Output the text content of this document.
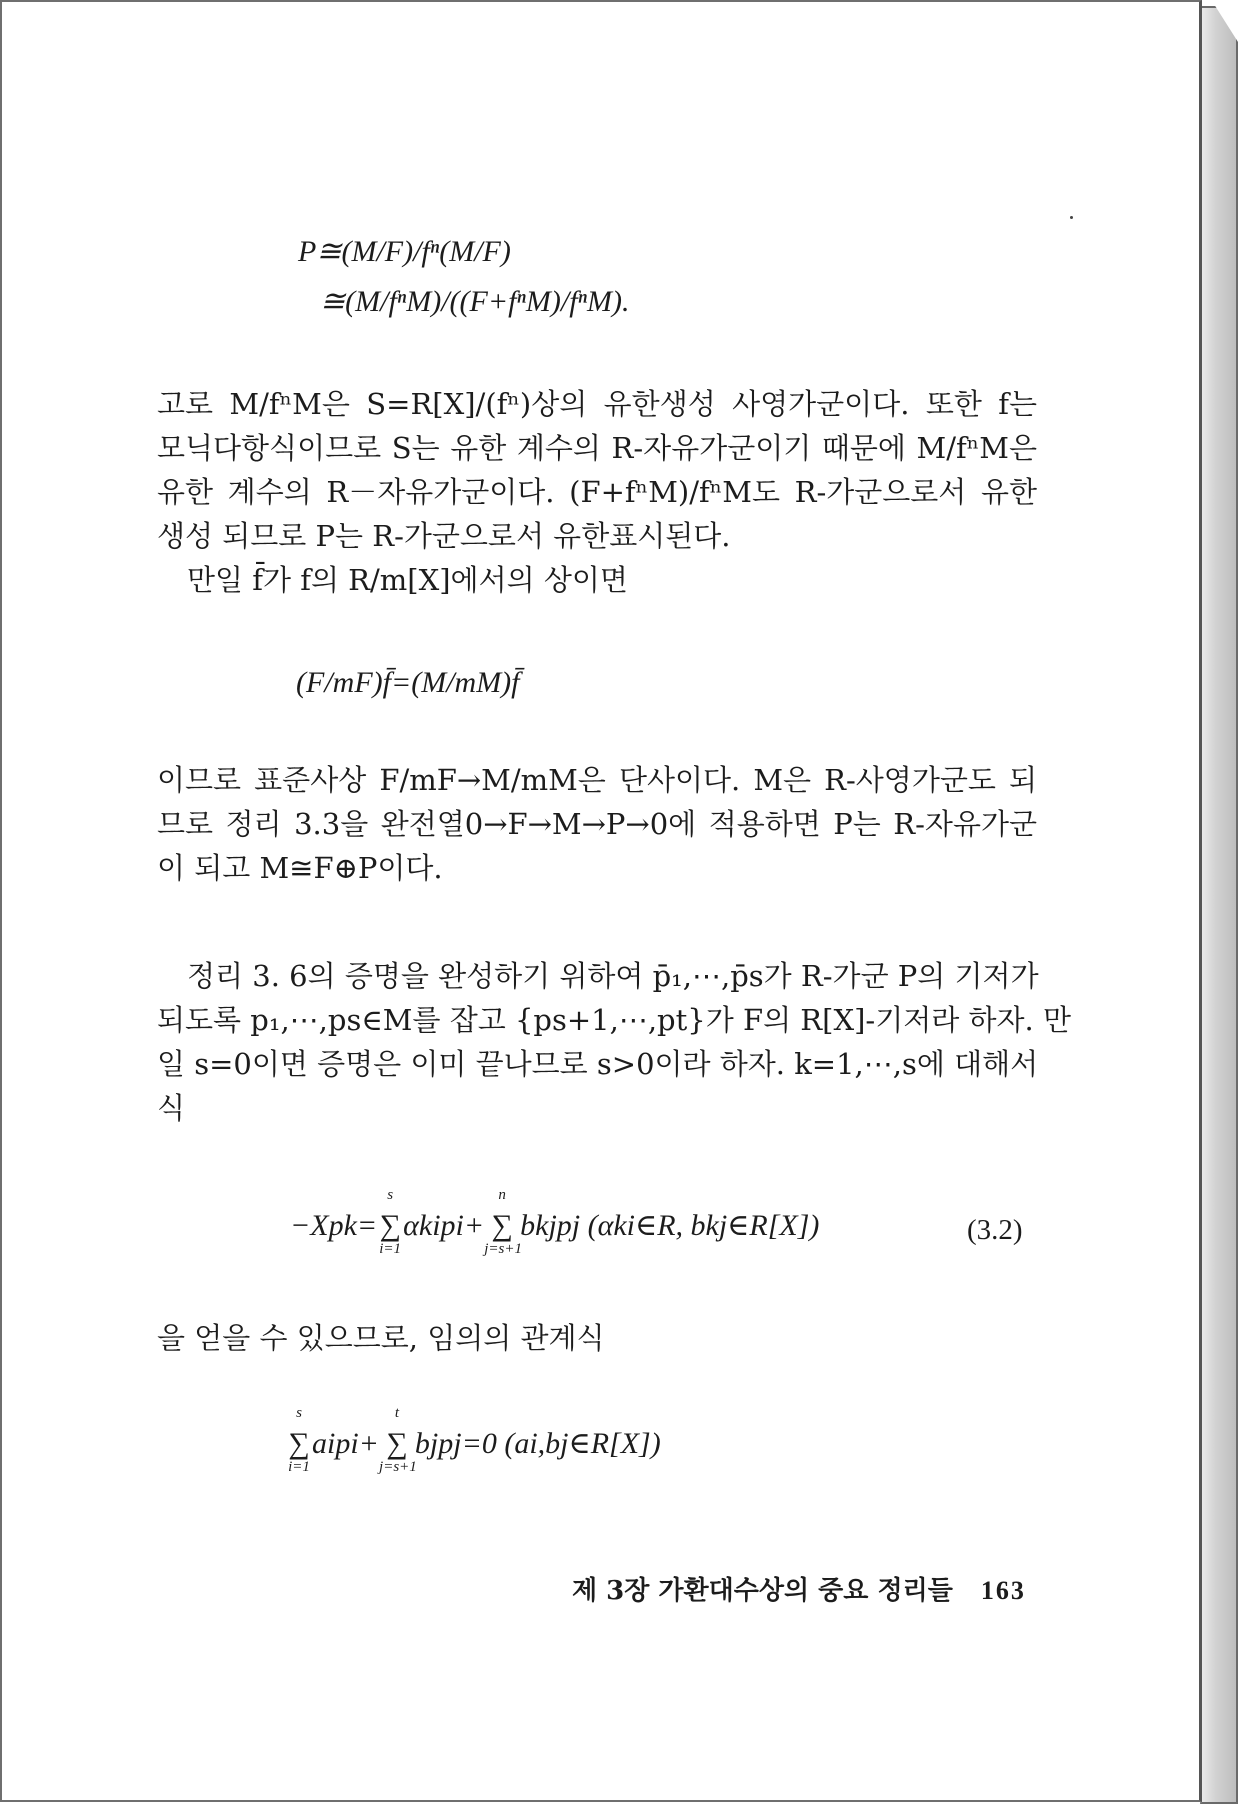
P≅(M/F)/fⁿ(M/F)
≅(M/fⁿM)/((F+fⁿM)/fⁿM).
고로 M/fⁿM은 S=R[X]/(fⁿ)상의 유한생성 사영가군이다. 또한 f는
모닉다항식이므로 S는 유한 계수의 R-자유가군이기 때문에 M/fⁿM은
유한 계수의 R－자유가군이다. (F+fⁿM)/fⁿM도 R-가군으로서 유한
생성 되므로 P는 R-가군으로서 유한표시된다.
만일 f̄가 f의 R/m[X]에서의 상이면
(F/mF)f̄=(M/mM)f̄
이므로 표준사상 F/mF→M/mM은 단사이다. M은 R-사영가군도 되
므로 정리 3.3을 완전열0→F→M→P→0에 적용하면 P는 R-자유가군
이 되고 M≅F⊕P이다.
정리 3. 6의 증명을 완성하기 위하여 p̄₁,⋯,p̄s가 R-가군 P의 기저가
되도록 p₁,⋯,ps∈M를 잡고 {ps+1,⋯,pt}가 F의 R[X]-기저라 하자. 만
일 s=0이면 증명은 이미 끝나므로 s>0이라 하자. k=1,⋯,s에 대해서
식
−Xpk=
s
∑
i=1
αkipi+
n
∑
j=s+1
bkjpj (αki∈R, bkj∈R[X])	(3.2)
을 얻을 수 있으므로, 임의의 관계식
s
∑
i=1
aipi+
t
∑
j=s+1
bjpj=0 (ai,bj∈R[X])
제 3장 가환대수상의 중요 정리들 163
